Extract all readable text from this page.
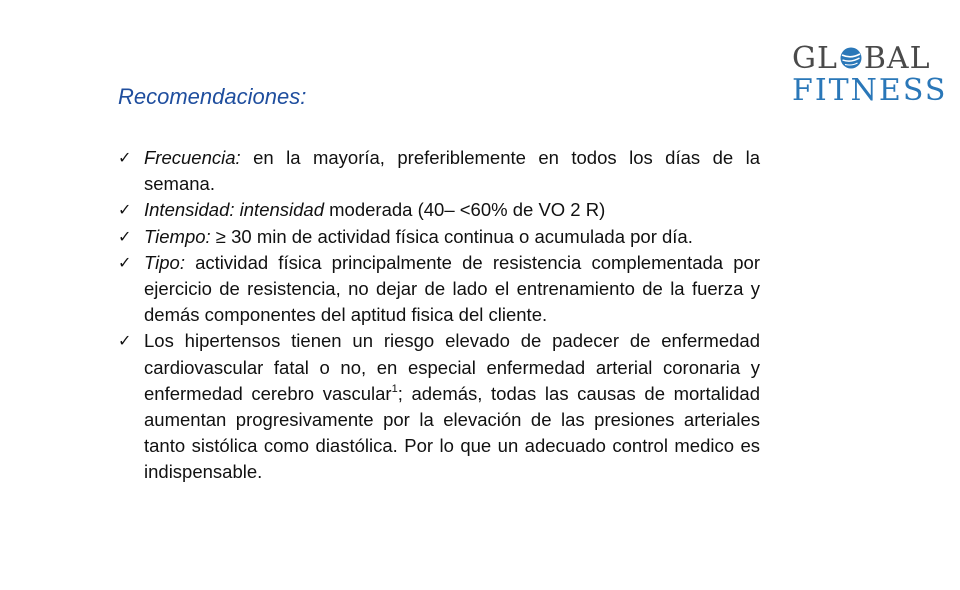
Recomendaciones:
GL BAL
FITNESS
✓ Frecuencia: en la mayoría, preferiblemente en todos los días de la semana.
✓ Intensidad: intensidad moderada (40– <60% de VO 2 R)
✓ Tiempo: ≥ 30 min de actividad física continua o acumulada por día.
✓ Tipo: actividad física principalmente de resistencia complementada por ejercicio de resistencia, no dejar de lado el entrenamiento de la fuerza y demás componentes del aptitud fisica del cliente.
✓ Los hipertensos tienen un riesgo elevado de padecer de enfermedad cardiovascular fatal o no, en especial enfermedad arterial coronaria y enfermedad cerebro vascular$^1$; además, todas las causas de mortalidad aumentan progresivamente por la elevación de las presiones arteriales tanto sistólica como diastólica. Por lo que un adecuado control medico es indispensable.
